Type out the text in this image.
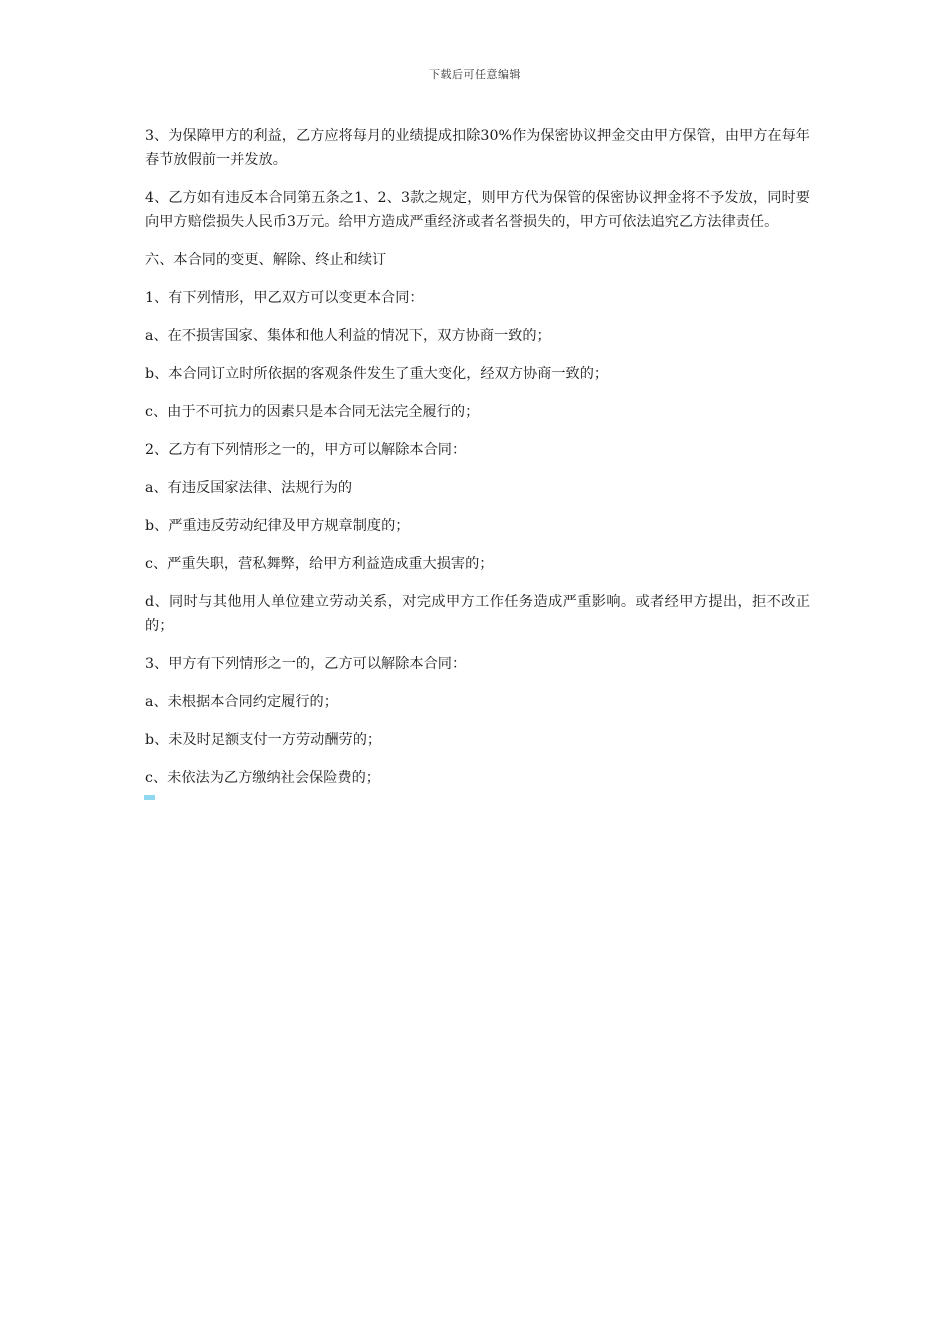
下载后可任意编辑

3、为保障甲方的利益，乙方应将每月的业绩提成扣除30%作为保密协议押金交由甲方保管，由甲方在每年春节放假前一并发放。

4、乙方如有违反本合同第五条之1、2、3款之规定，则甲方代为保管的保密协议押金将不予发放，同时要向甲方赔偿损失人民币3万元。给甲方造成严重经济或者名誉损失的，甲方可依法追究乙方法律责任。

六、本合同的变更、解除、终止和续订

1、有下列情形，甲乙双方可以变更本合同：

a、在不损害国家、集体和他人利益的情况下，双方协商一致的；

b、本合同订立时所依据的客观条件发生了重大变化，经双方协商一致的；

c、由于不可抗力的因素只是本合同无法完全履行的；

2、乙方有下列情形之一的，甲方可以解除本合同：

a、有违反国家法律、法规行为的

b、严重违反劳动纪律及甲方规章制度的；

c、严重失职，营私舞弊，给甲方利益造成重大损害的；

d、同时与其他用人单位建立劳动关系，对完成甲方工作任务造成严重影响。或者经甲方提出，拒不改正的；

3、甲方有下列情形之一的，乙方可以解除本合同：

a、未根据本合同约定履行的；

b、未及时足额支付一方劳动酬劳的；

c、未依法为乙方缴纳社会保险费的；
